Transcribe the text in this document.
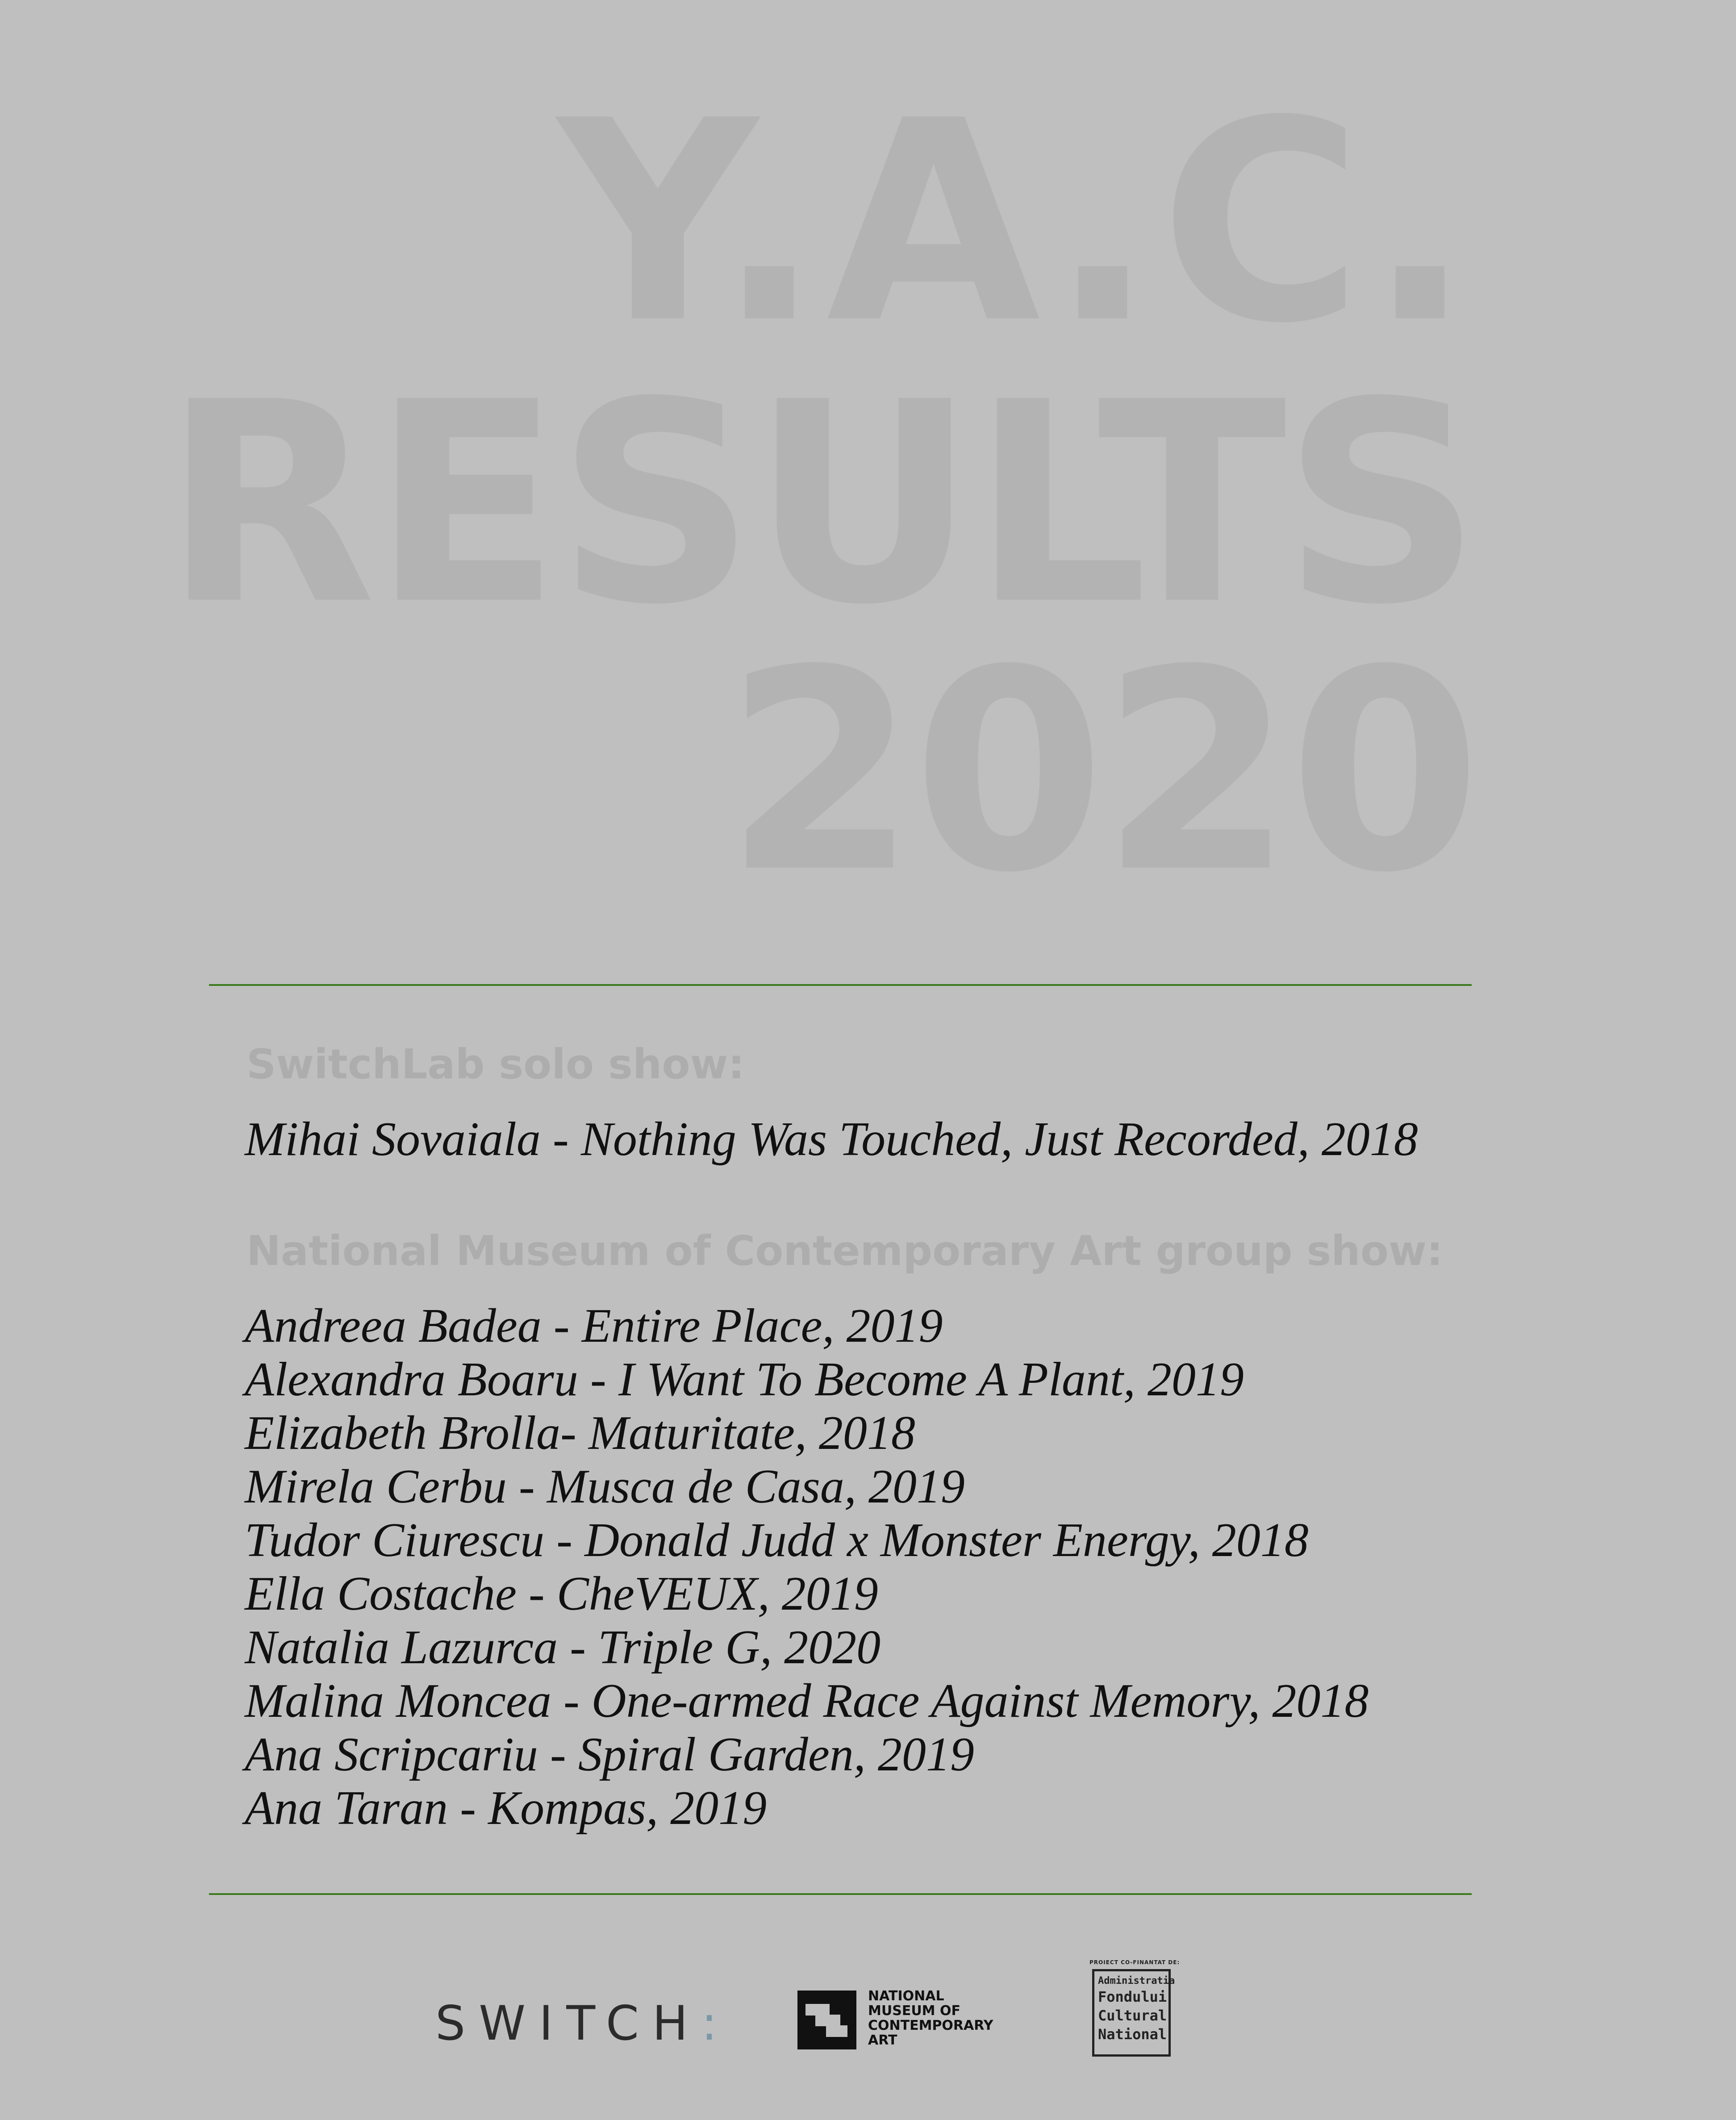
Y.A.C.
RESULTS
2020
SwitchLab solo show:
Mihai Sovaiala - Nothing Was Touched, Just Recorded, 2018
National Museum of Contemporary Art group show:
Andreea Badea - Entire Place, 2019
Alexandra Boaru - I Want To Become A Plant, 2019
Elizabeth Brolla- Maturitate, 2018
Mirela Cerbu - Musca de Casa, 2019
Tudor Ciurescu - Donald Judd x Monster Energy, 2018
Ella Costache - CheVEUX, 2019
Natalia Lazurca - Triple G, 2020
Malina Moncea - One-armed Race Against Memory, 2018
Ana Scripcariu - Spiral Garden, 2019
Ana Taran - Kompas, 2019
SWITCH:	NATIONAL MUSEUM OF CONTEMPORARY ART
PROIECT CO-FINANTAT DE:
Administratia
Fondului
Cultural
National
